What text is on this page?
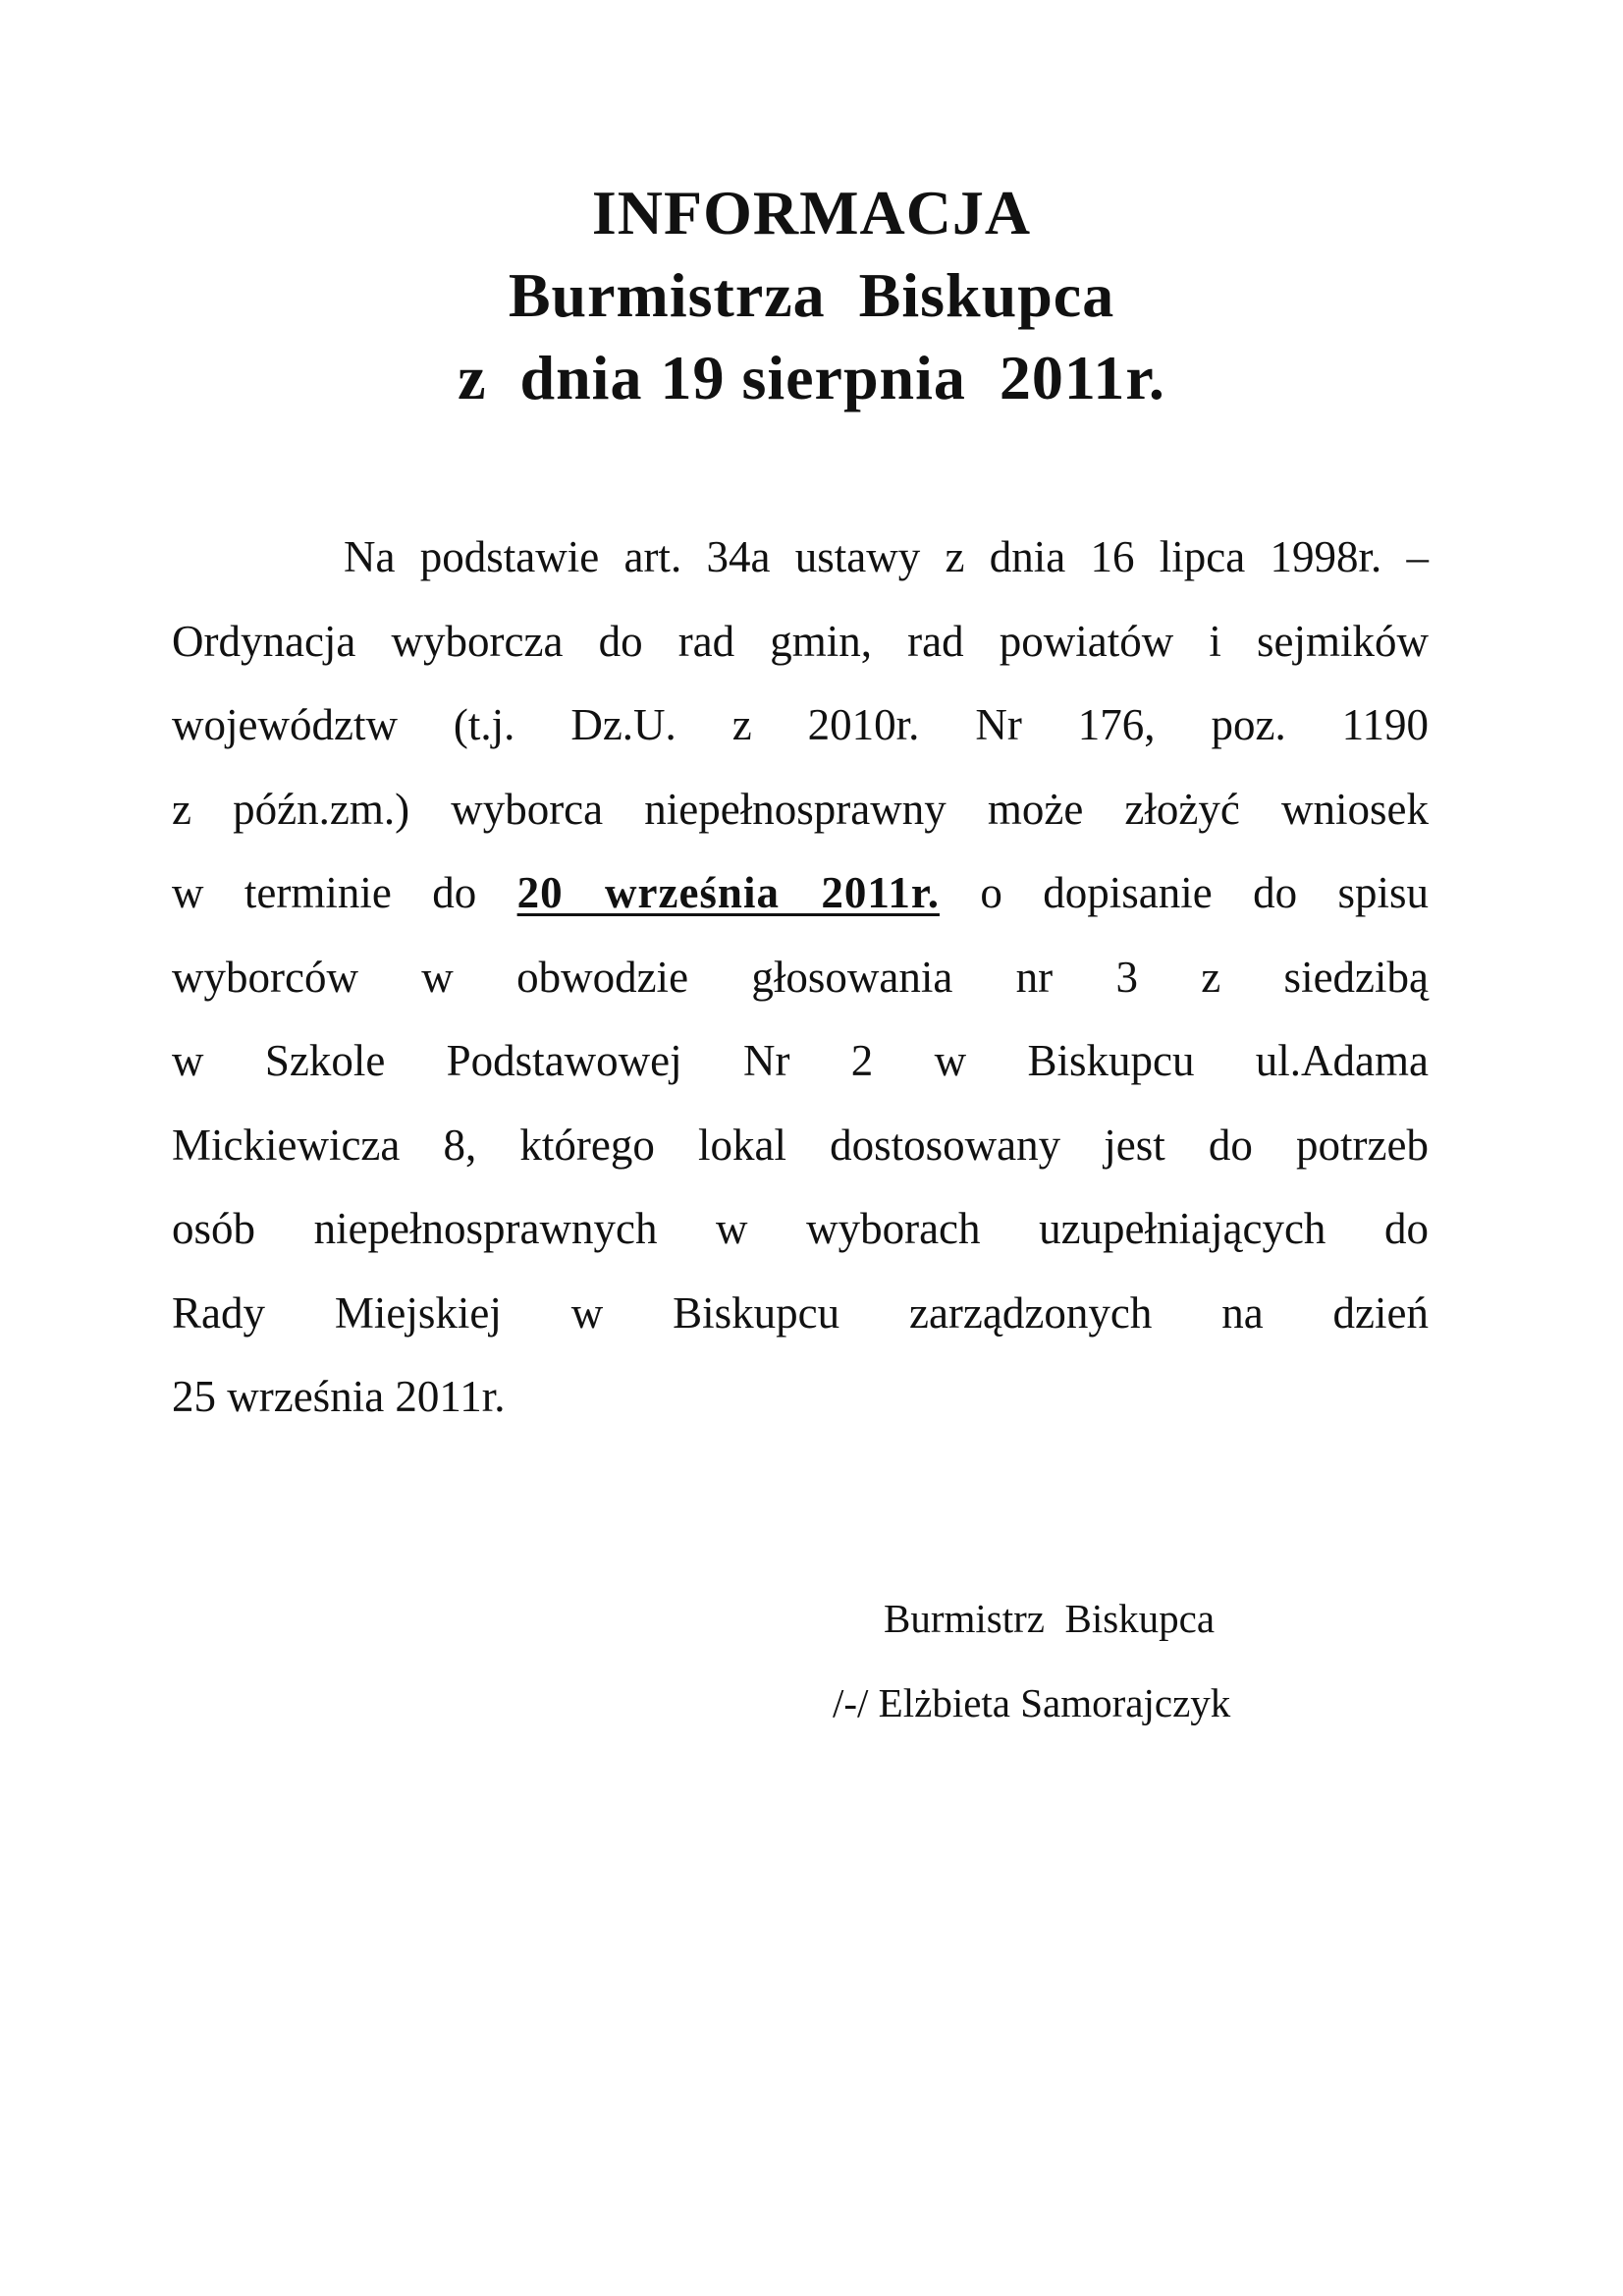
INFORMACJA
Burmistrza  Biskupca
z  dnia 19 sierpnia  2011r.
Na podstawie art. 34a ustawy z dnia 16 lipca 1998r. –
Ordynacja wyborcza do rad gmin, rad powiatów i sejmików
województw (t.j. Dz.U. z 2010r. Nr 176, poz. 1190
z późn.zm.) wyborca niepełnosprawny może złożyć wniosek
w terminie do 20 września 2011r. o dopisanie do spisu
wyborców w obwodzie głosowania nr 3 z siedzibą
w Szkole Podstawowej Nr 2 w Biskupcu ul.Adama
Mickiewicza 8, którego lokal dostosowany jest do potrzeb
osób niepełnosprawnych w wyborach uzupełniających do
Rady Miejskiej w Biskupcu zarządzonych na dzień
25 września 2011r.
Burmistrz  Biskupca
/-/ Elżbieta Samorajczyk
